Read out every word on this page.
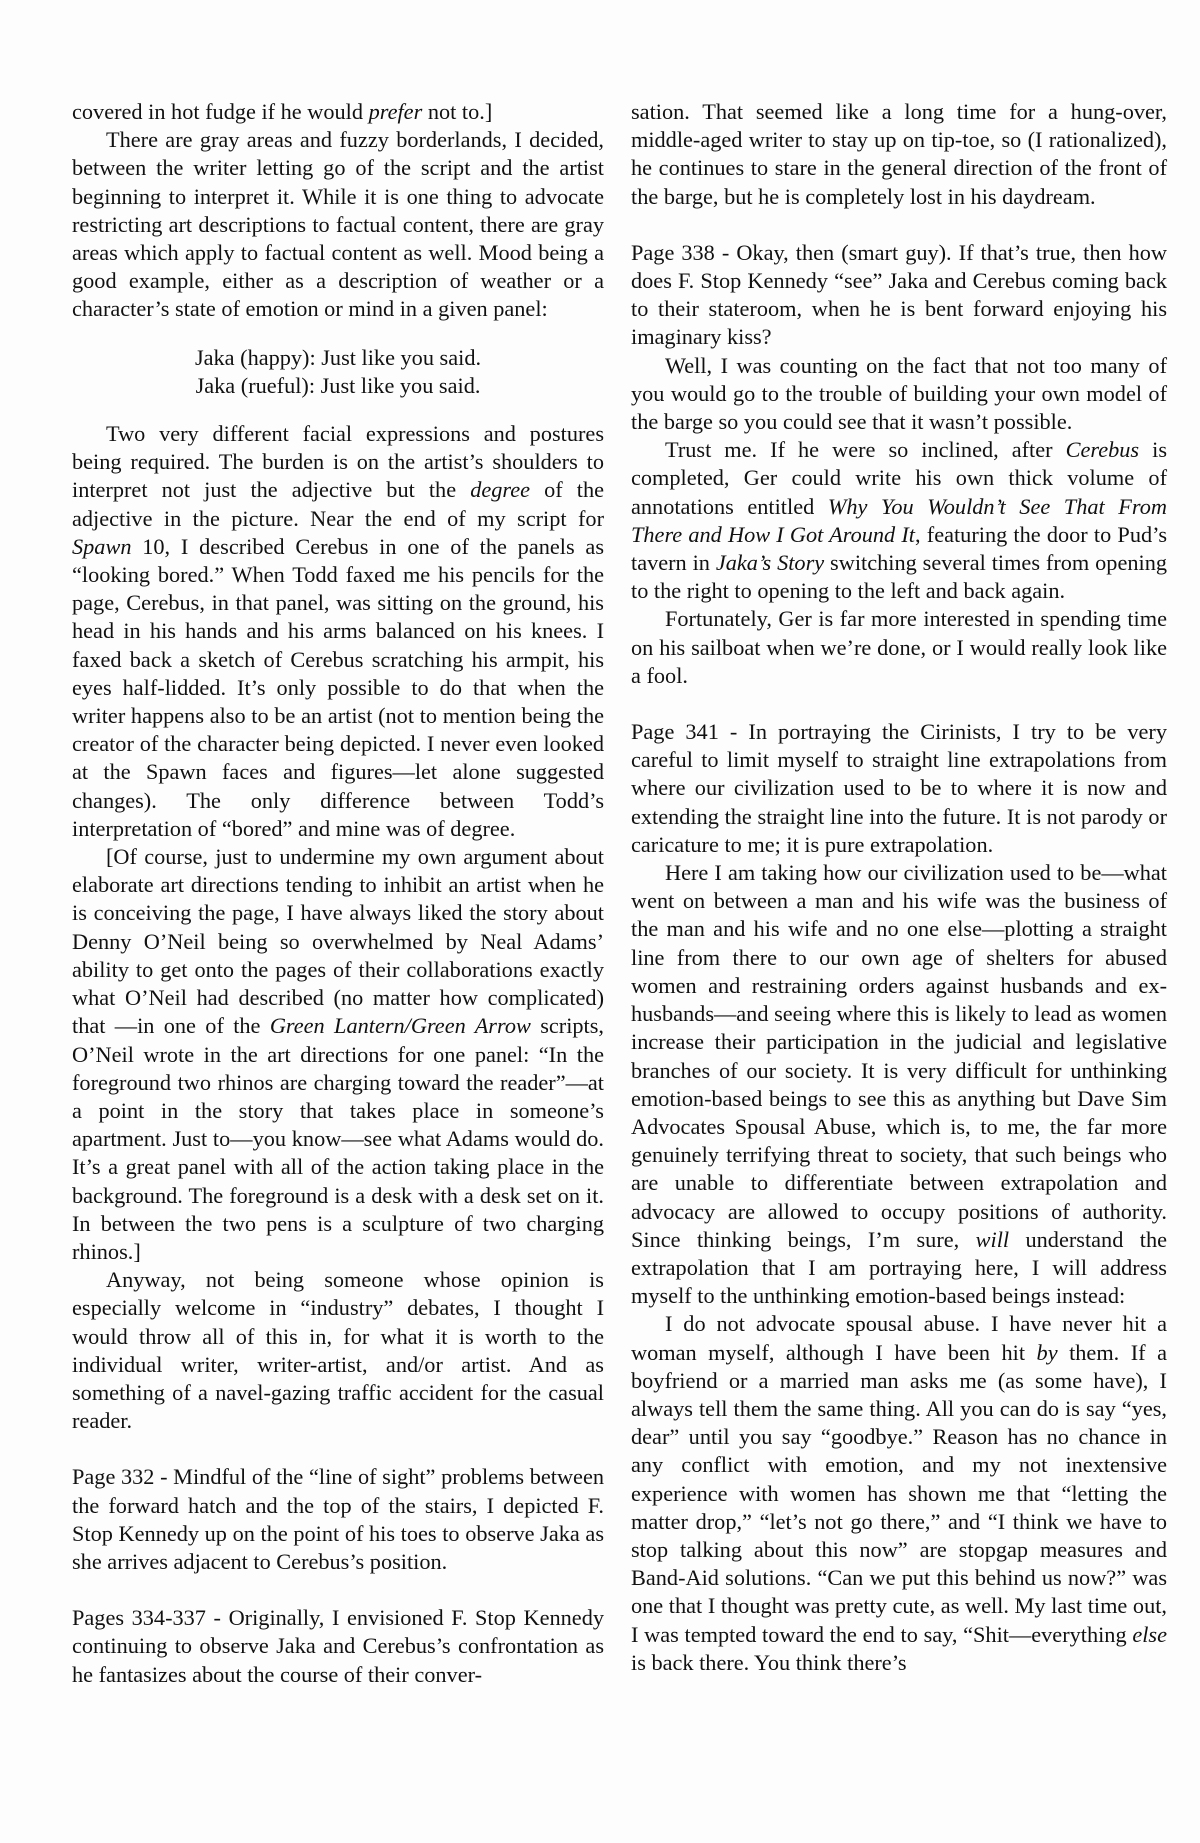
covered in hot fudge if he would prefer not to.]

There are gray areas and fuzzy borderlands, I decided, between the writer letting go of the script and the artist beginning to interpret it. While it is one thing to advocate restricting art descriptions to factual content, there are gray areas which apply to factual content as well. Mood being a good example, either as a description of weather or a character’s state of emotion or mind in a given panel:

Jaka (happy): Just like you said.

Jaka (rueful): Just like you said.

Two very different facial expressions and postures being required. The burden is on the artist’s shoulders to interpret not just the adjective but the degree of the adjective in the picture. Near the end of my script for Spawn 10, I described Cerebus in one of the panels as “looking bored.” When Todd faxed me his pencils for the page, Cerebus, in that panel, was sitting on the ground, his head in his hands and his arms balanced on his knees. I faxed back a sketch of Cerebus scratching his armpit, his eyes half-lidded. It’s only possible to do that when the writer happens also to be an artist (not to mention being the creator of the character being depicted. I never even looked at the Spawn faces and figures—let alone suggested changes). The only difference between Todd’s interpretation of “bored” and mine was of degree.

[Of course, just to undermine my own argument about elaborate art directions tending to inhibit an artist when he is conceiving the page, I have always liked the story about Denny O’Neil being so overwhelmed by Neal Adams’ ability to get onto the pages of their collaborations exactly what O’Neil had described (no matter how complicated) that —in one of the Green Lantern/Green Arrow scripts, O’Neil wrote in the art directions for one panel: “In the foreground two rhinos are charging toward the reader”—at a point in the story that takes place in someone’s apartment. Just to—you know—see what Adams would do. It’s a great panel with all of the action taking place in the background. The foreground is a desk with a desk set on it. In between the two pens is a sculpture of two charging rhinos.]

Anyway, not being someone whose opinion is especially welcome in “industry” debates, I thought I would throw all of this in, for what it is worth to the individual writer, writer-artist, and/or artist. And as something of a navel-gazing traffic accident for the casual reader.

Page 332 - Mindful of the “line of sight” problems between the forward hatch and the top of the stairs, I depicted F. Stop Kennedy up on the point of his toes to observe Jaka as she arrives adjacent to Cerebus’s position.

Pages 334-337 - Originally, I envisioned F. Stop Kennedy continuing to observe Jaka and Cerebus’s confrontation as he fantasizes about the course of their conver-

sation. That seemed like a long time for a hung-over, middle-aged writer to stay up on tip-toe, so (I rationalized), he continues to stare in the general direction of the front of the barge, but he is completely lost in his daydream.

Page 338 - Okay, then (smart guy). If that’s true, then how does F. Stop Kennedy “see” Jaka and Cerebus coming back to their stateroom, when he is bent forward enjoying his imaginary kiss?

Well, I was counting on the fact that not too many of you would go to the trouble of building your own model of the barge so you could see that it wasn’t possible.

Trust me. If he were so inclined, after Cerebus is completed, Ger could write his own thick volume of annotations entitled Why You Wouldn’t See That From There and How I Got Around It, featuring the door to Pud’s tavern in Jaka’s Story switching several times from opening to the right to opening to the left and back again.

Fortunately, Ger is far more interested in spending time on his sailboat when we’re done, or I would really look like a fool.

Page 341 - In portraying the Cirinists, I try to be very careful to limit myself to straight line extrapolations from where our civilization used to be to where it is now and extending the straight line into the future. It is not parody or caricature to me; it is pure extrapolation.

Here I am taking how our civilization used to be—what went on between a man and his wife was the business of the man and his wife and no one else—plotting a straight line from there to our own age of shelters for abused women and restraining orders against husbands and ex-husbands—and seeing where this is likely to lead as women increase their participation in the judicial and legislative branches of our society. It is very difficult for unthinking emotion-based beings to see this as anything but Dave Sim Advocates Spousal Abuse, which is, to me, the far more genuinely terrifying threat to society, that such beings who are unable to differentiate between extrapolation and advocacy are allowed to occupy positions of authority. Since thinking beings, I’m sure, will understand the extrapolation that I am portraying here, I will address myself to the unthinking emotion-based beings instead:

I do not advocate spousal abuse. I have never hit a woman myself, although I have been hit by them. If a boyfriend or a married man asks me (as some have), I always tell them the same thing. All you can do is say “yes, dear” until you say “goodbye.” Reason has no chance in any conflict with emotion, and my not inextensive experience with women has shown me that “letting the matter drop,” “let’s not go there,” and “I think we have to stop talking about this now” are stopgap measures and Band-Aid solutions. “Can we put this behind us now?” was one that I thought was pretty cute, as well. My last time out, I was tempted toward the end to say, “Shit—everything else is back there. You think there’s
